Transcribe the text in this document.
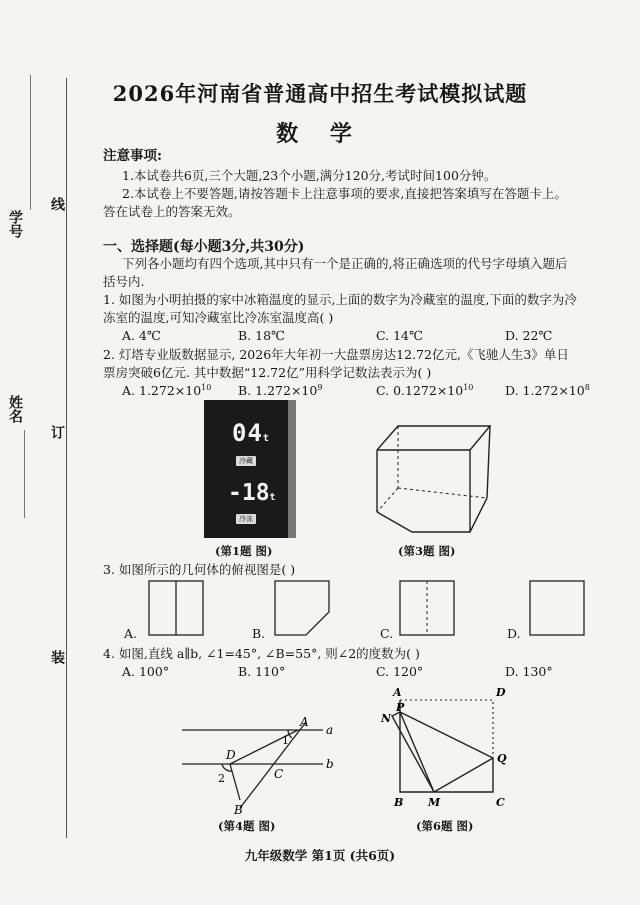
学号
姓名
线
订
装
2026年河南省普通高中招生考试模拟试题
数 学
注意事项:
1.本试卷共6页,三个大题,23个小题,满分120分,考试时间100分钟。
2.本试卷上不要答题,请按答题卡上注意事项的要求,直接把答案填写在答题卡上。
答在试卷上的答案无效。
一、选择题(每小题3分,共30分)
下列各小题均有四个选项,其中只有一个是正确的,将正确选项的代号字母填入题后
括号内.
1. 如图为小明拍摄的家中冰箱温度的显示,上面的数字为冷藏室的温度,下面的数字为冷
冻室的温度,可知冷藏室比冷冻室温度高( )
A. 4℃	B. 18℃	C. 14℃	D. 22℃
2. 灯塔专业版数据显示, 2026年大年初一大盘票房达12.72亿元,《飞驰人生3》单日
票房突破6亿元. 其中数据“12.72亿”用科学记数法表示为( )
A. $1.272\times 10^{10}$ B. $1.272\times 10^9$	C. $0.1272\times 10^{10}$	D. $1.272\times 10^8$
04t
冷藏
-18t
冷冻
(第1题 图)	(第3题 图)
3. 如图所示的几何体的俯视图是( )
A.	B.	C.	D.
4. 如图,直线 a∥b, ∠1=45°, ∠B=55°, 则∠2的度数为( )
A. 100°	B. 110°	C. 120°	D. 130°
A
a
1
D
b
2	C
B
(第4题 图)
A	D
P
N
Q
B M	C
(第6题 图)
九年级数学 第1页 (共6页)
